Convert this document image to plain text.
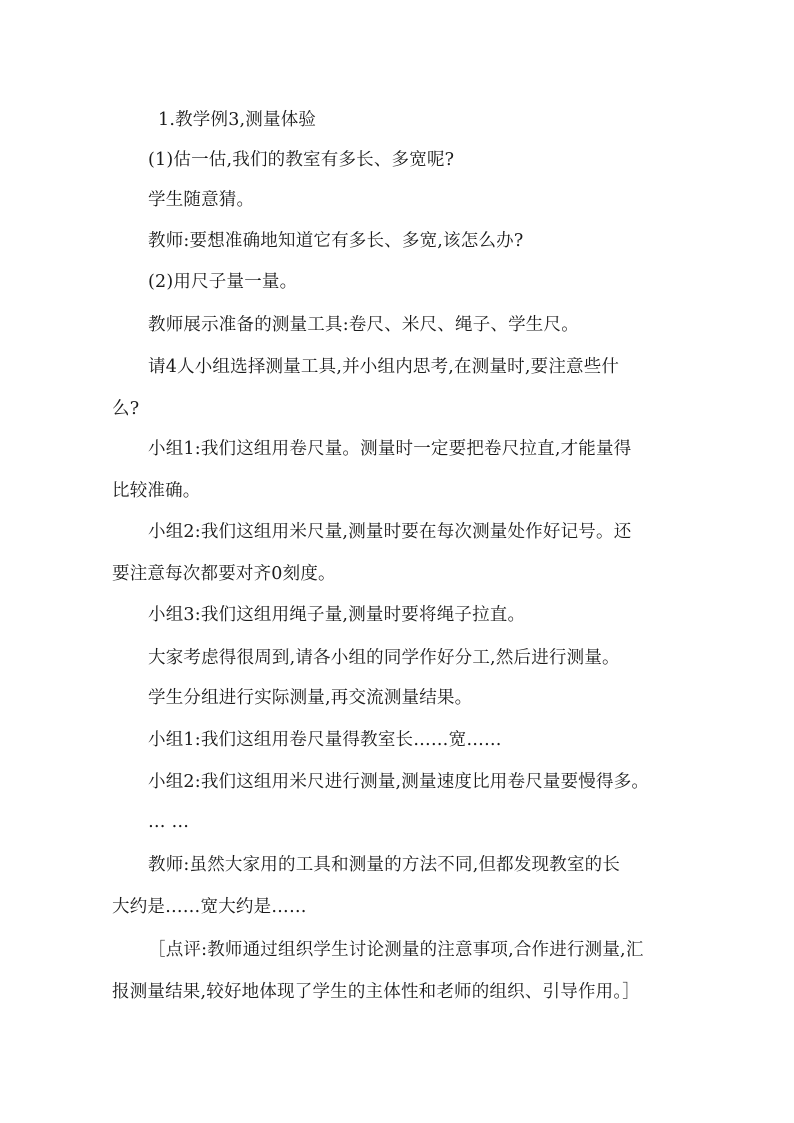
1.教学例3,测量体验
(1)估一估,我们的教室有多长、多宽呢?
学生随意猜。
教师:要想准确地知道它有多长、多宽,该怎么办?
(2)用尺子量一量。
教师展示准备的测量工具:卷尺、米尺、绳子、学生尺。
请4人小组选择测量工具,并小组内思考,在测量时,要注意些什
么?
小组1:我们这组用卷尺量。测量时一定要把卷尺拉直,才能量得
比较准确。
小组2:我们这组用米尺量,测量时要在每次测量处作好记号。还
要注意每次都要对齐0刻度。
小组3:我们这组用绳子量,测量时要将绳子拉直。
大家考虑得很周到,请各小组的同学作好分工,然后进行测量。
学生分组进行实际测量,再交流测量结果。
小组1:我们这组用卷尺量得教室长……宽……
小组2:我们这组用米尺进行测量,测量速度比用卷尺量要慢得多。
… …
教师:虽然大家用的工具和测量的方法不同,但都发现教室的长
大约是……宽大约是……
［点评:教师通过组织学生讨论测量的注意事项,合作进行测量,汇
报测量结果,较好地体现了学生的主体性和老师的组织、引导作用。］
